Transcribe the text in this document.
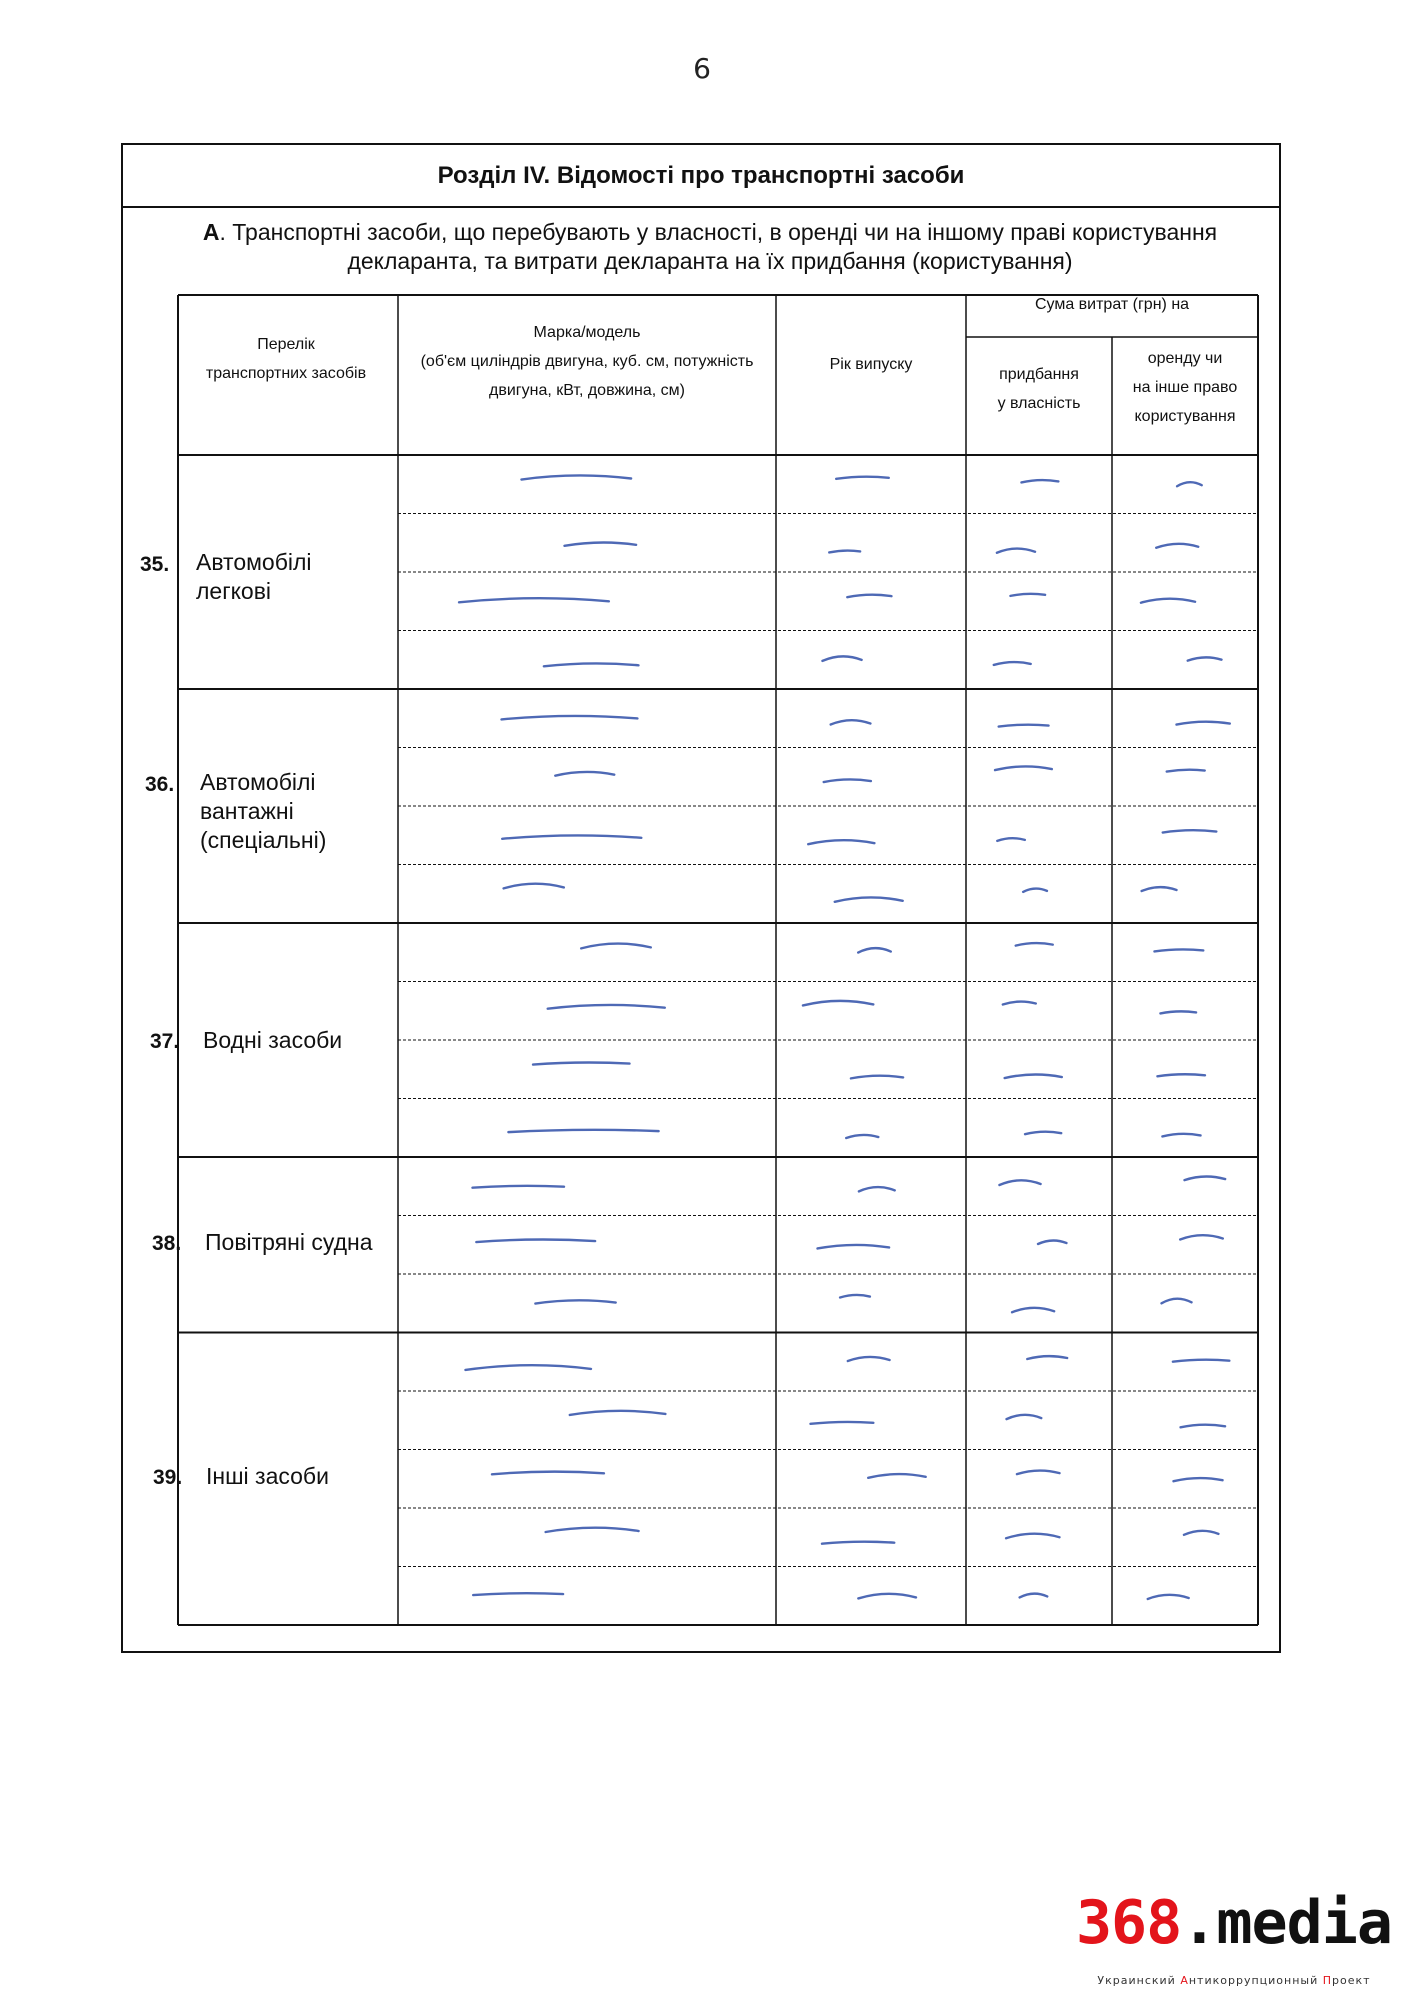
6
Розділ IV. Відомості про транспортні засоби
А. Транспортні засоби, що перебувають у власності, в оренді чи на іншому праві користування
декларанта, та витрати декларанта на їх придбання (користування)
Перелік
транспортних засобів
Марка/модель
(об'єм циліндрів двигуна, куб. см, потужність
двигуна, кВт, довжина, см)
Рік випуску
Сума витрат (грн) на
придбання
у власність
оренду чи
на інше право
користування
35. Автомобілі
легкові
36. Автомобілі
вантажні
(спеціальні)
37. Водні засоби
38. Повітряні судна
39. Інші засоби
368.media
Украинский Антикоррупционный Проект
